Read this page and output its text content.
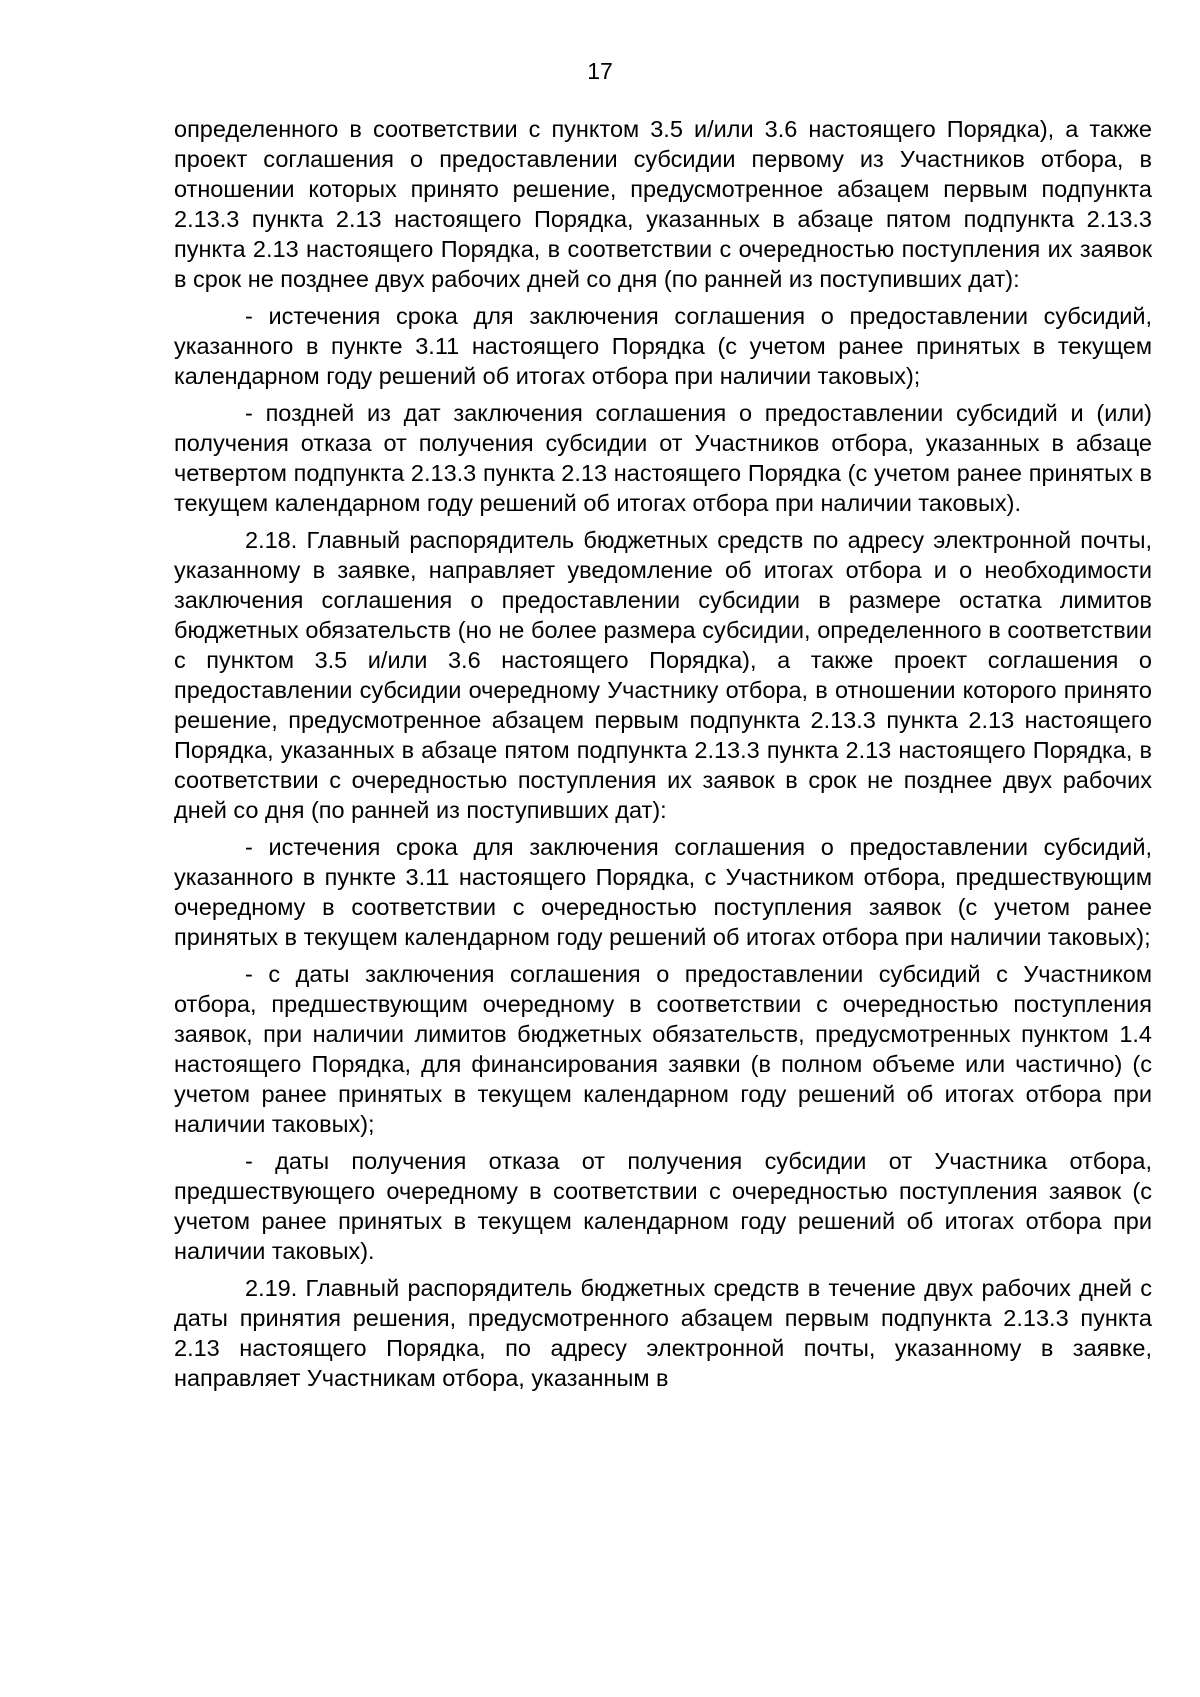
17

определенного в соответствии с пунктом 3.5 и/или 3.6 настоящего Порядка), а также проект соглашения о предоставлении субсидии первому из Участников отбора, в отношении которых принято решение, предусмотренное абзацем первым подпункта 2.13.3 пункта 2.13 настоящего Порядка, указанных в абзаце пятом подпункта 2.13.3 пункта 2.13 настоящего Порядка, в соответствии с очередностью поступления их заявок в срок не позднее двух рабочих дней со дня (по ранней из поступивших дат):

- истечения срока для заключения соглашения о предоставлении субсидий, указанного в пункте 3.11 настоящего Порядка (с учетом ранее принятых в текущем календарном году решений об итогах отбора при наличии таковых);

- поздней из дат заключения соглашения о предоставлении субсидий и (или) получения отказа от получения субсидии от Участников отбора, указанных в абзаце четвертом подпункта 2.13.3 пункта 2.13 настоящего Порядка (с учетом ранее принятых в текущем календарном году решений об итогах отбора при наличии таковых).

2.18. Главный распорядитель бюджетных средств по адресу электронной почты, указанному в заявке, направляет уведомление об итогах отбора и о необходимости заключения соглашения о предоставлении субсидии в размере остатка лимитов бюджетных обязательств (но не более размера субсидии, определенного в соответствии с пунктом 3.5 и/или 3.6 настоящего Порядка), а также проект соглашения о предоставлении субсидии очередному Участнику отбора, в отношении которого принято решение, предусмотренное абзацем первым подпункта 2.13.3 пункта 2.13 настоящего Порядка, указанных в абзаце пятом подпункта 2.13.3 пункта 2.13 настоящего Порядка, в соответствии с очередностью поступления их заявок в срок не позднее двух рабочих дней со дня (по ранней из поступивших дат):

- истечения срока для заключения соглашения о предоставлении субсидий, указанного в пункте 3.11 настоящего Порядка, с Участником отбора, предшествующим очередному в соответствии с очередностью поступления заявок (с учетом ранее принятых в текущем календарном году решений об итогах отбора при наличии таковых);

- с даты заключения соглашения о предоставлении субсидий с Участником отбора, предшествующим очередному в соответствии с очередностью поступления заявок, при наличии лимитов бюджетных обязательств, предусмотренных пунктом 1.4 настоящего Порядка, для финансирования заявки (в полном объеме или частично) (с учетом ранее принятых в текущем календарном году решений об итогах отбора при наличии таковых);

- даты получения отказа от получения субсидии от Участника отбора, предшествующего очередному в соответствии с очередностью поступления заявок (с учетом ранее принятых в текущем календарном году решений об итогах отбора при наличии таковых).

2.19. Главный распорядитель бюджетных средств в течение двух рабочих дней с даты принятия решения, предусмотренного абзацем первым подпункта 2.13.3 пункта 2.13 настоящего Порядка, по адресу электронной почты, указанному в заявке, направляет Участникам отбора, указанным в
